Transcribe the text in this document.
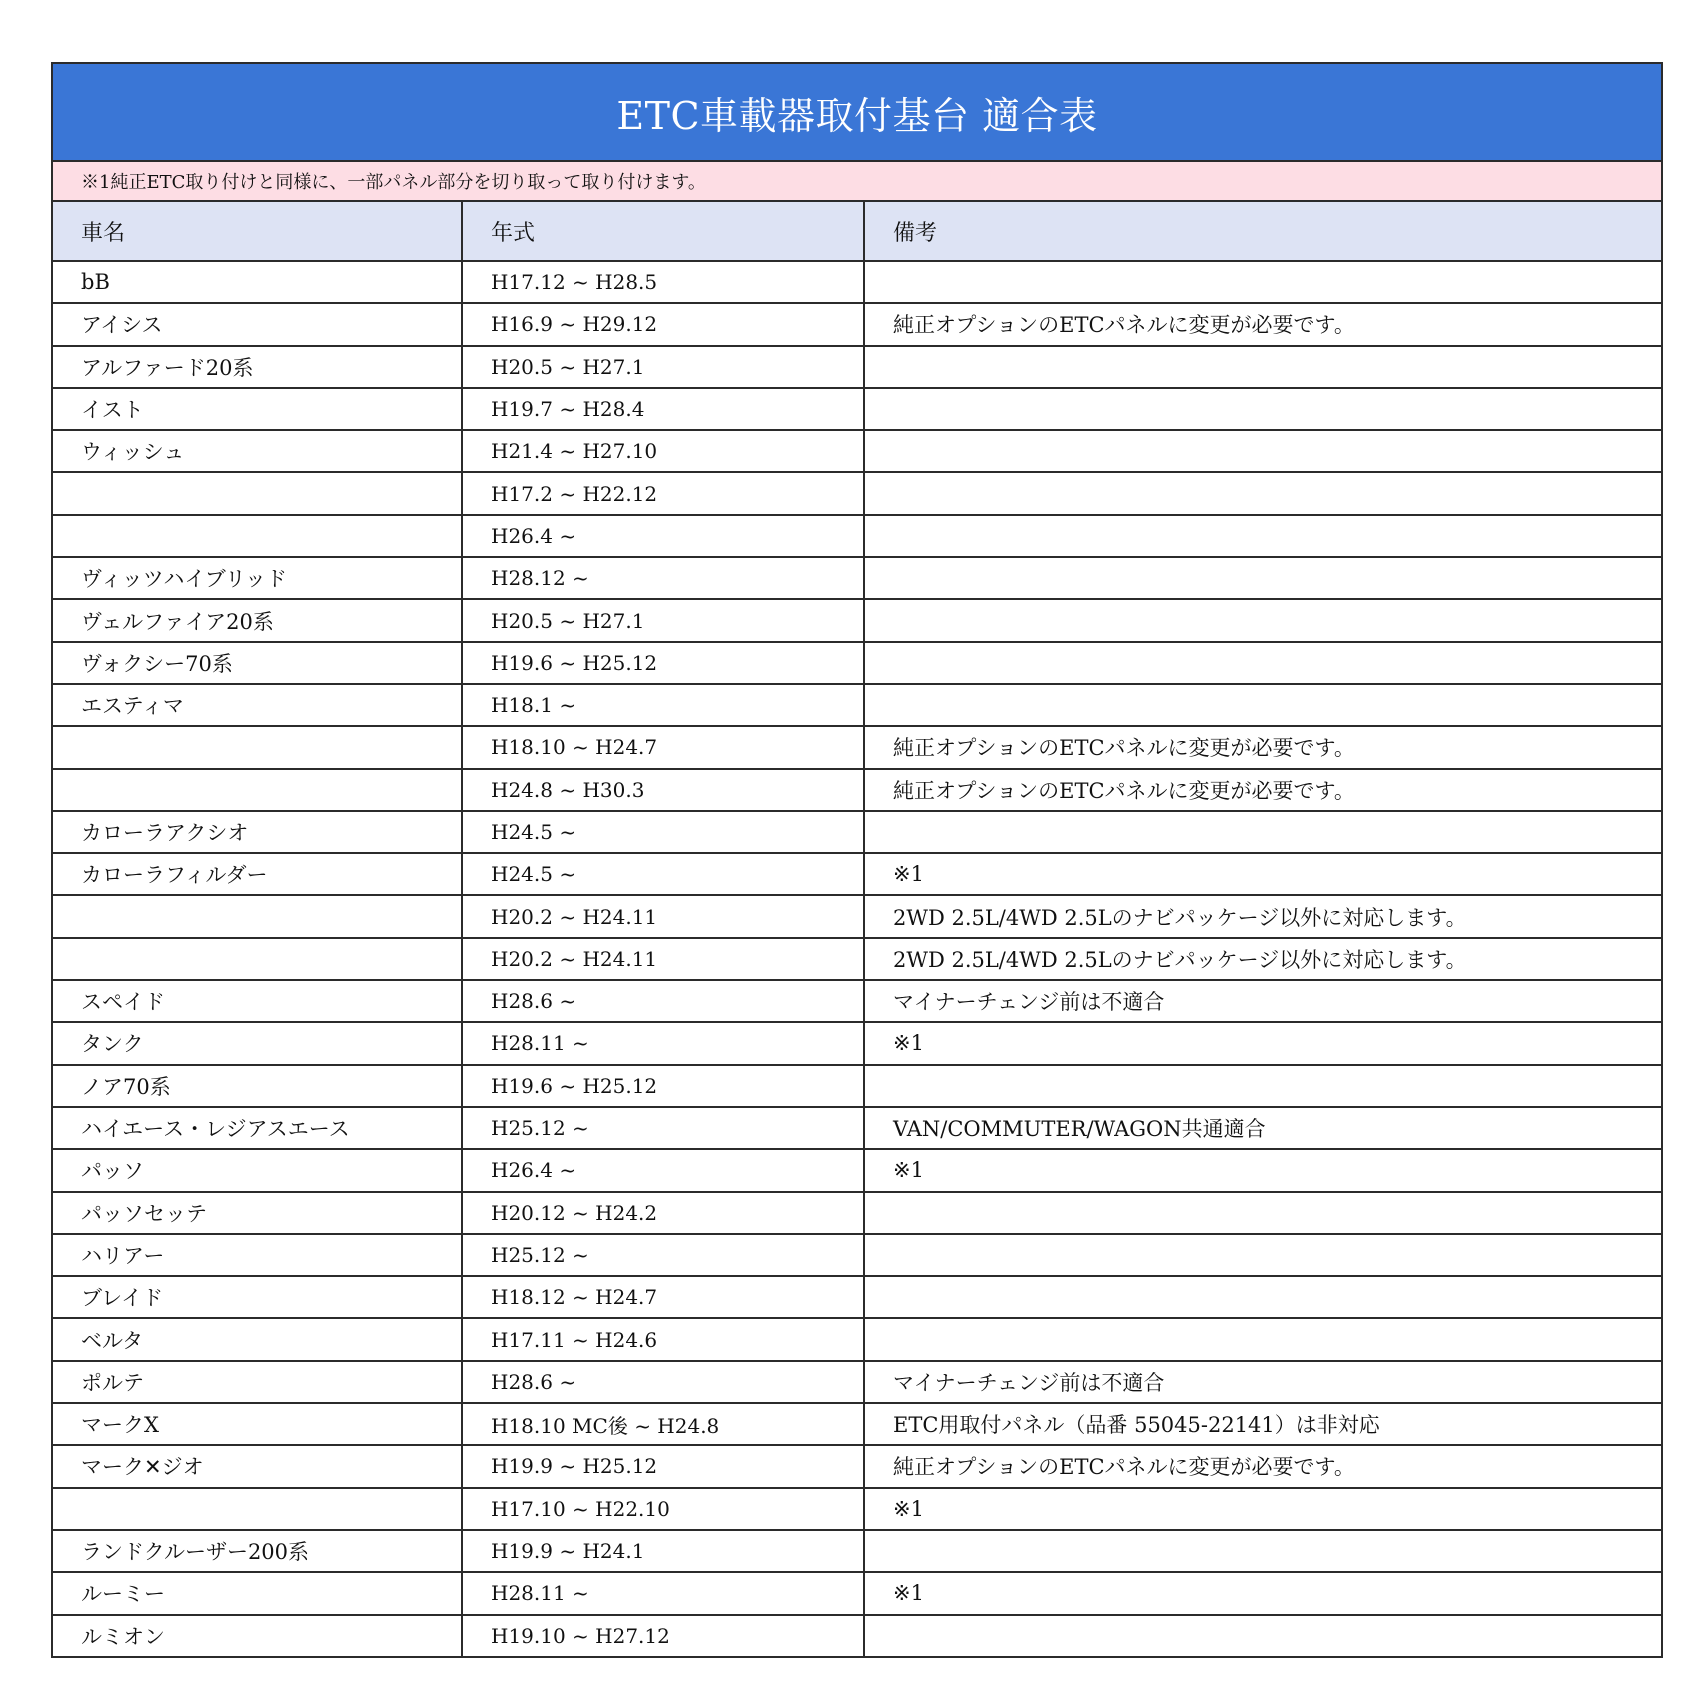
ETC車載器取付基台 適合表
※1純正ETC取り付けと同様に、一部パネル部分を切り取って取り付けます。
車名	年式	備考
bB	H17.12 ~ H28.5	
アイシス	H16.9 ~ H29.12	純正オプションのETCパネルに変更が必要です。
アルファード20系	H20.5 ~ H27.1	
イスト	H19.7 ~ H28.4	
ウィッシュ	H21.4 ~ H27.10	
	H17.2 ~ H22.12	
	H26.4 ~	
ヴィッツハイブリッド	H28.12 ~	
ヴェルファイア20系	H20.5 ~ H27.1	
ヴォクシー70系	H19.6 ~ H25.12	
エスティマ	H18.1 ~	
	H18.10 ~ H24.7	純正オプションのETCパネルに変更が必要です。
	H24.8 ~ H30.3	純正オプションのETCパネルに変更が必要です。
カローラアクシオ	H24.5 ~	
カローラフィルダー	H24.5 ~	※1
	H20.2 ~ H24.11	2WD 2.5L/4WD 2.5Lのナビパッケージ以外に対応します。
	H20.2 ~ H24.11	2WD 2.5L/4WD 2.5Lのナビパッケージ以外に対応します。
スペイド	H28.6 ~	マイナーチェンジ前は不適合
タンク	H28.11 ~	※1
ノア70系	H19.6 ~ H25.12	
ハイエース・レジアスエース	H25.12 ~	VAN/COMMUTER/WAGON共通適合
パッソ	H26.4 ~	※1
パッソセッテ	H20.12 ~ H24.2	
ハリアー	H25.12 ~	
ブレイド	H18.12 ~ H24.7	
ベルタ	H17.11 ~ H24.6	
ポルテ	H28.6 ~	マイナーチェンジ前は不適合
マークX	H18.10 MC後 ~ H24.8	ETC用取付パネル（品番 55045-22141）は非対応
マーク✕ジオ	H19.9 ~ H25.12	純正オプションのETCパネルに変更が必要です。
	H17.10 ~ H22.10	※1
ランドクルーザー200系	H19.9 ~ H24.1	
ルーミー	H28.11 ~	※1
ルミオン	H19.10 ~ H27.12	
